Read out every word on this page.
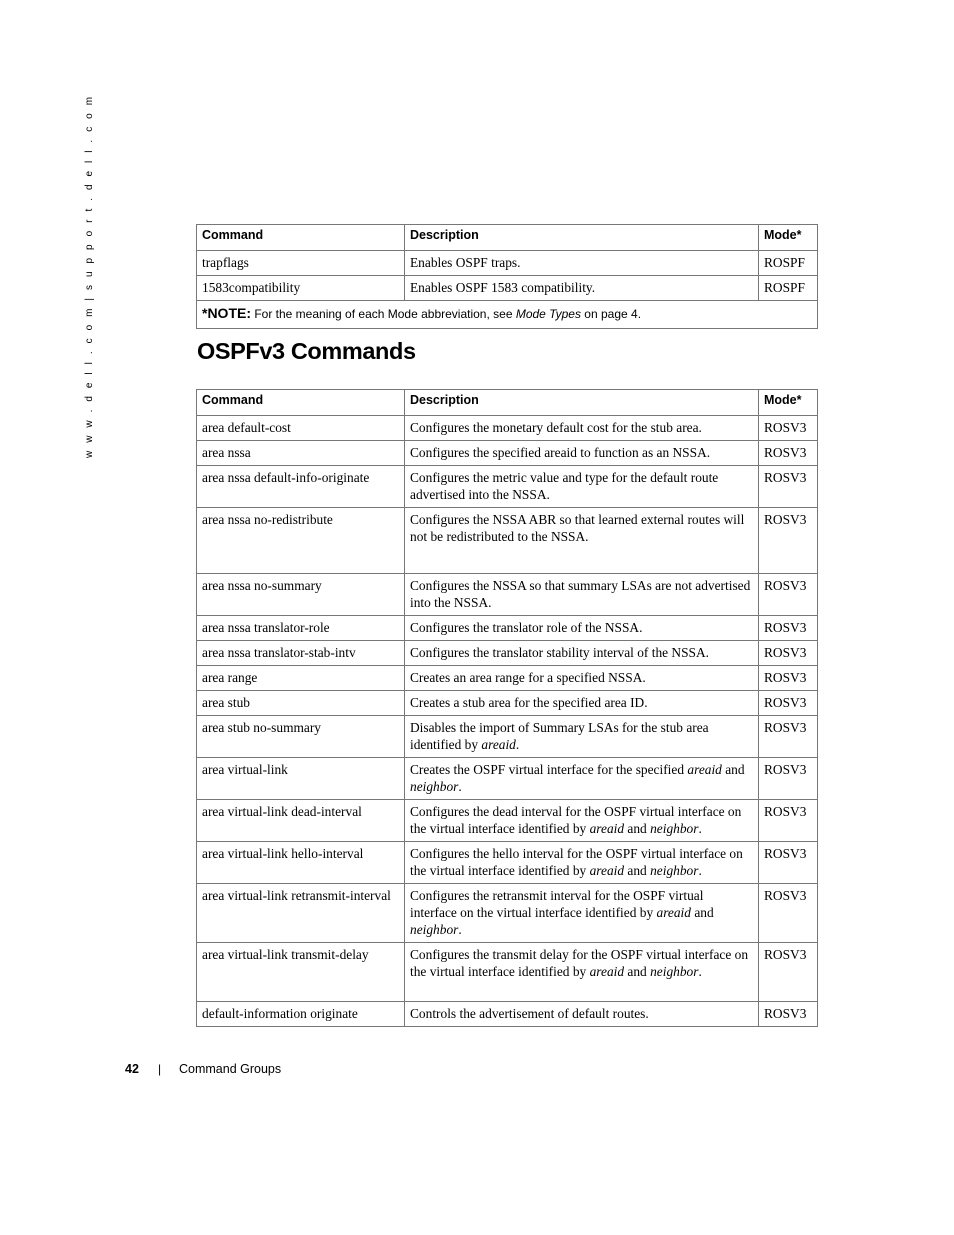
w w w . d e l l . c o m | s u p p o r t . d e l l . c o m	Command	Description	Mode*
trapflags	Enables OSPF traps.	ROSPF
1583compatibility	Enables OSPF 1583 compatibility.	ROSPF
*NOTE: For the meaning of each Mode abbreviation, see Mode Types on page 4.		
OSPFv3 Commands
Command	Description	Mode*
area default-cost	Configures the monetary default cost for the stub area.	ROSV3
area nssa	Configures the specified areaid to function as an NSSA.	ROSV3
area nssa default-info-originate	Configures the metric value and type for the default route advertised into the NSSA.	ROSV3
area nssa no-redistribute	Configures the NSSA ABR so that learned external routes will not be redistributed to the NSSA.	ROSV3
area nssa no-summary	Configures the NSSA so that summary LSAs are not advertised into the NSSA.	ROSV3
area nssa translator-role	Configures the translator role of the NSSA.	ROSV3
area nssa translator-stab-intv	Configures the translator stability interval of the NSSA.	ROSV3
area range	Creates an area range for a specified NSSA.	ROSV3
area stub	Creates a stub area for the specified area ID.	ROSV3
area stub no-summary	Disables the import of Summary LSAs for the stub area identified by areaid.	ROSV3
area virtual-link	Creates the OSPF virtual interface for the specified areaid and neighbor.	ROSV3
area virtual-link dead-interval	Configures the dead interval for the OSPF virtual interface on the virtual interface identified by areaid and neighbor.	ROSV3
area virtual-link hello-interval	Configures the hello interval for the OSPF virtual interface on the virtual interface identified by areaid and neighbor.	ROSV3
area virtual-link retransmit-interval	Configures the retransmit interval for the OSPF virtual interface on the virtual interface identified by areaid and neighbor.	ROSV3
area virtual-link transmit-delay	Configures the transmit delay for the OSPF virtual interface on the virtual interface identified by areaid and neighbor.	ROSV3
default-information originate	Controls the advertisement of default routes.	ROSV3
42 | Command Groups
